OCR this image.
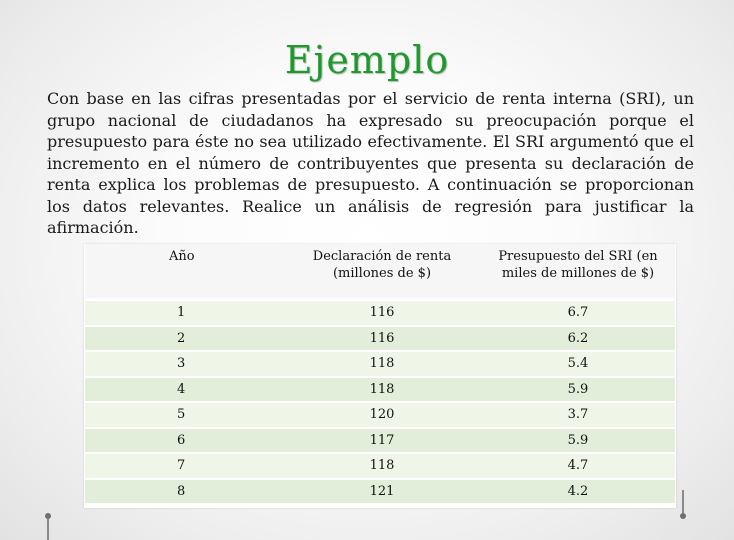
Ejemplo
Con base en las cifras presentadas por el servicio de renta interna (SRI), un grupo nacional de ciudadanos ha expresado su preocupación porque el presupuesto para éste no sea utilizado efectivamente. El SRI argumentó que el incremento en el número de contribuyentes que presenta su declaración de renta explica los problemas de presupuesto. A continuación se proporcionan los datos relevantes. Realice un análisis de regresión para justificar la afirmación.
Año	Declaración de renta (millones de $)	Presupuesto del SRI (en miles de millones de $)
1	116	6.7
2	116	6.2
3	118	5.4
4	118	5.9
5	120	3.7
6	117	5.9
7	118	4.7
8	121	4.2
